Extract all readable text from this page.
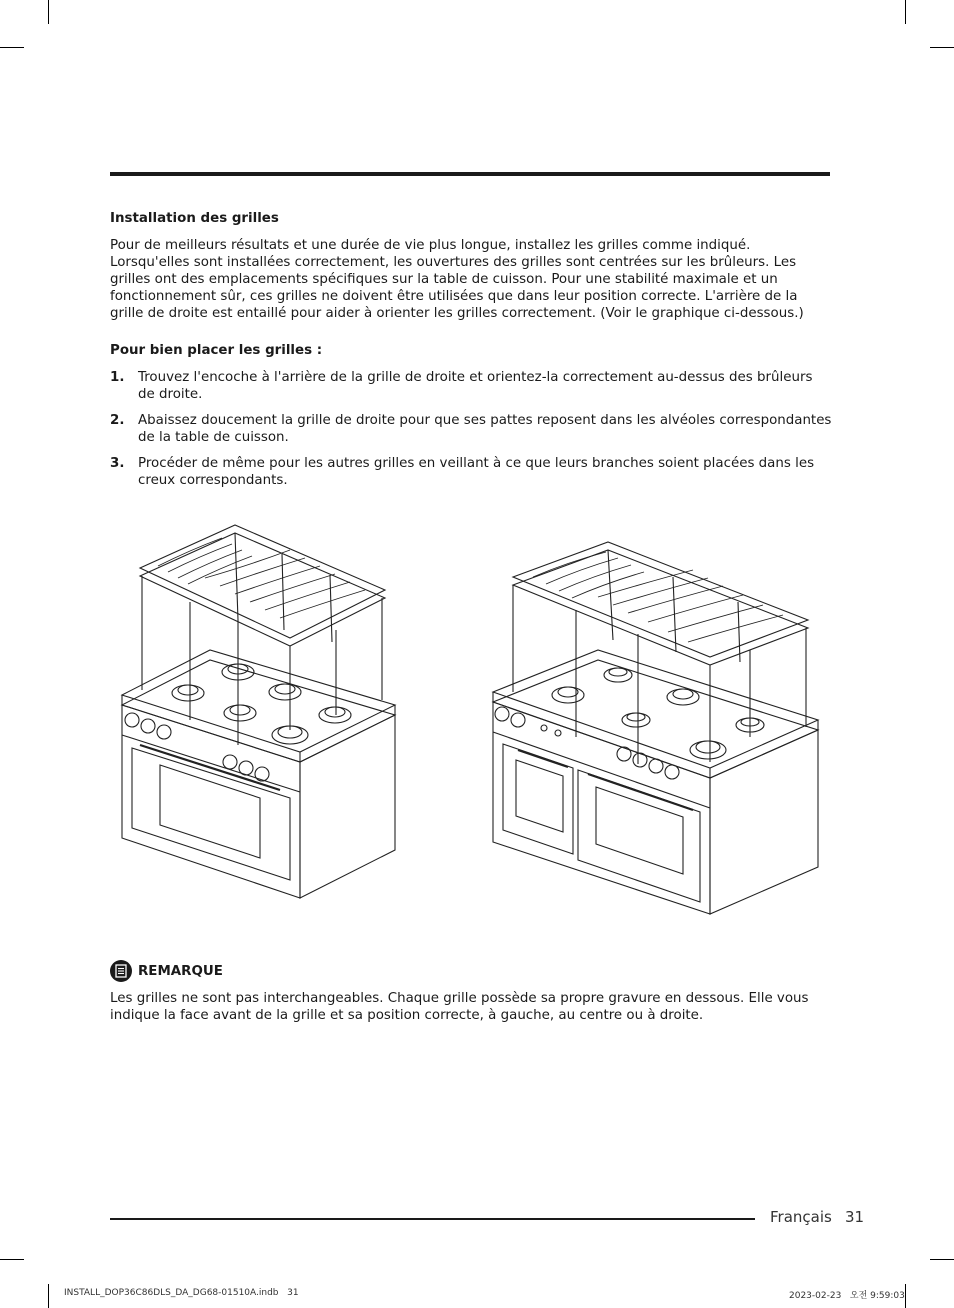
Installation des grilles

Pour de meilleurs résultats et une durée de vie plus longue, installez les grilles comme indiqué. Lorsqu'elles sont installées correctement, les ouvertures des grilles sont centrées sur les brûleurs. Les grilles ont des emplacements spécifiques sur la table de cuisson. Pour une stabilité maximale et un fonctionnement sûr, ces grilles ne doivent être utilisées que dans leur position correcte. L'arrière de la grille de droite est entaillé pour aider à orienter les grilles correctement. (Voir le graphique ci-dessous.)

Pour bien placer les grilles :

1. Trouvez l'encoche à l'arrière de la grille de droite et orientez-la correctement au-dessus des brûleurs de droite.
2. Abaissez doucement la grille de droite pour que ses pattes reposent dans les alvéoles correspondantes de la table de cuisson.
3. Procéder de même pour les autres grilles en veillant à ce que leurs branches soient placées dans les creux correspondants.
REMARQUE

Les grilles ne sont pas interchangeables. Chaque grille possède sa propre gravure en dessous. Elle vous indique la face avant de la grille et sa position correcte, à gauche, au centre ou à droite.

Français 31
INSTALL_DOP36C86DLS_DA_DG68-01510A.indb   31	2023-02-23   오전 9:59:03
